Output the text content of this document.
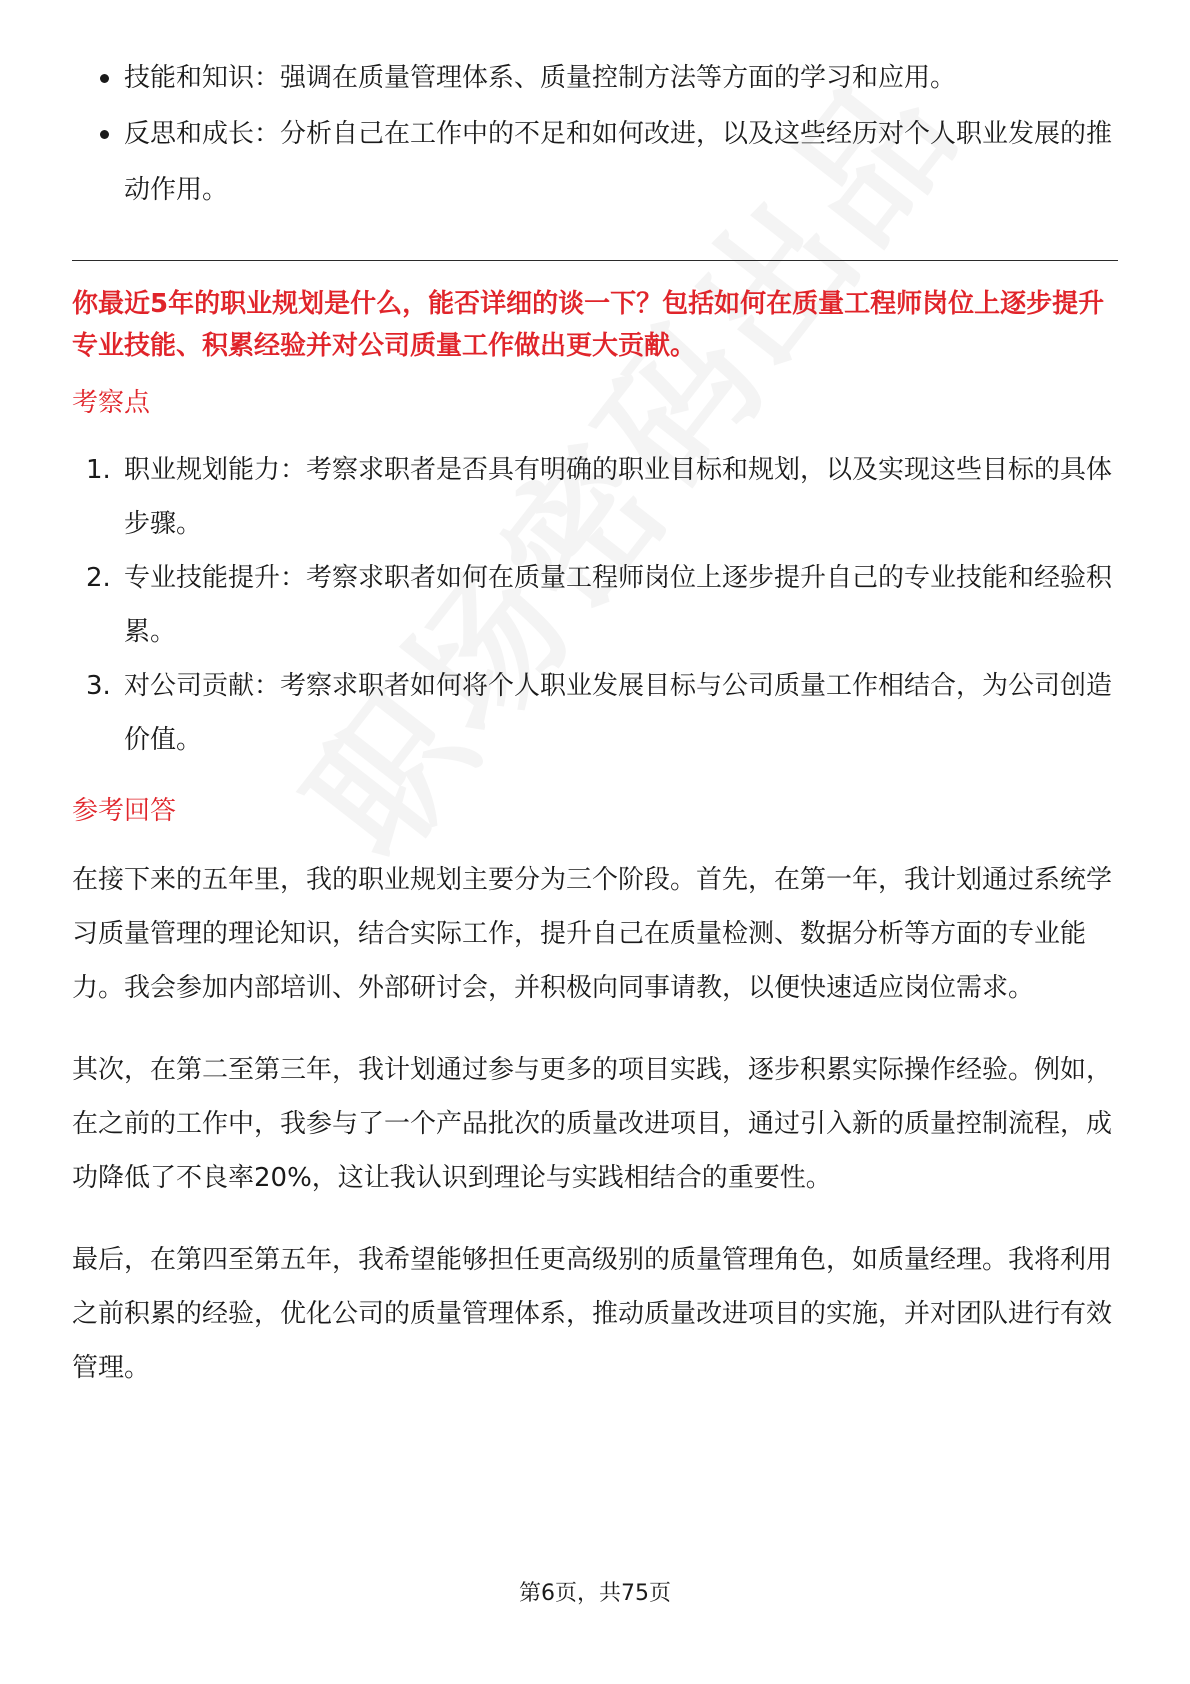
技能和知识：强调在质量管理体系、质量控制方法等方面的学习和应用。
反思和成长：分析自己在工作中的不足和如何改进，以及这些经历对个人职业发展的推动作用。
你最近5年的职业规划是什么，能否详细的谈一下？包括如何在质量工程师岗位上逐步提升专业技能、积累经验并对公司质量工作做出更大贡献。
考察点
1. 职业规划能力：考察求职者是否具有明确的职业目标和规划，以及实现这些目标的具体步骤。
2. 专业技能提升：考察求职者如何在质量工程师岗位上逐步提升自己的专业技能和经验积累。
3. 对公司贡献：考察求职者如何将个人职业发展目标与公司质量工作相结合，为公司创造价值。
参考回答

在接下来的五年里，我的职业规划主要分为三个阶段。首先，在第一年，我计划通过系统学习质量管理的理论知识，结合实际工作，提升自己在质量检测、数据分析等方面的专业能力。我会参加内部培训、外部研讨会，并积极向同事请教，以便快速适应岗位需求。

其次，在第二至第三年，我计划通过参与更多的项目实践，逐步积累实际操作经验。例如，在之前的工作中，我参与了一个产品批次的质量改进项目，通过引入新的质量控制流程，成功降低了不良率20%，这让我认识到理论与实践相结合的重要性。

最后，在第四至第五年，我希望能够担任更高级别的质量管理角色，如质量经理。我将利用之前积累的经验，优化公司的质量管理体系，推动质量改进项目的实施，并对团队进行有效管理。

第6页，共75页
